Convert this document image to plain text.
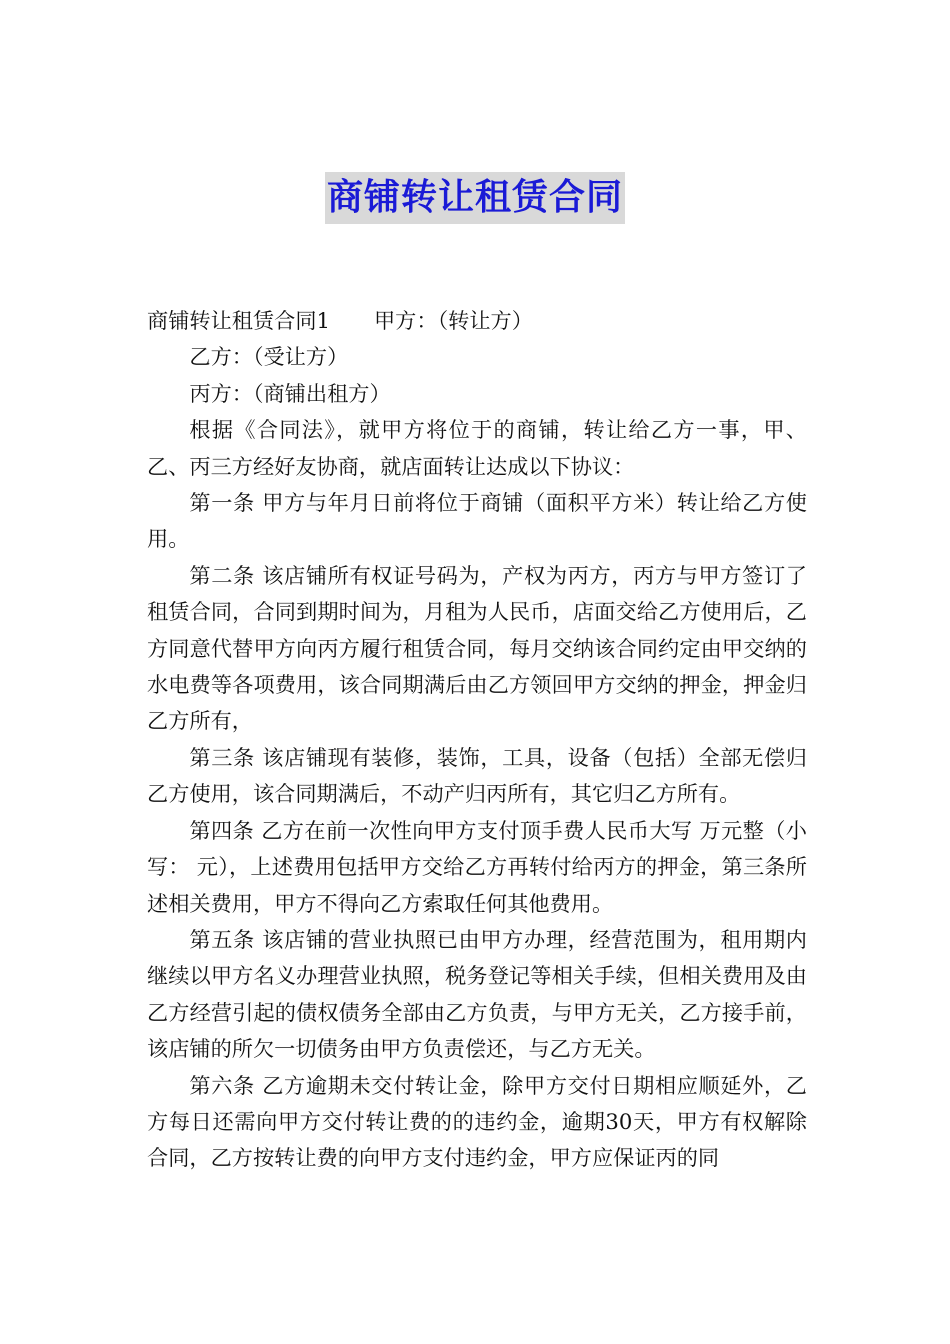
商铺转让租赁合同

商铺转让租赁合同1 甲方：（转让方）

乙方：（受让方）

丙方：（商铺出租方）

根据《合同法》，就甲方将位于的商铺，转让给乙方一事，甲、乙、丙三方经好友协商，就店面转让达成以下协议：

第一条 甲方与年月日前将位于商铺（面积平方米）转让给乙方使用。

第二条 该店铺所有权证号码为，产权为丙方，丙方与甲方签订了租赁合同，合同到期时间为，月租为人民币，店面交给乙方使用后，乙方同意代替甲方向丙方履行租赁合同，每月交纳该合同约定由甲交纳的水电费等各项费用，该合同期满后由乙方领回甲方交纳的押金，押金归乙方所有，

第三条 该店铺现有装修，装饰，工具，设备（包括）全部无偿归乙方使用，该合同期满后，不动产归丙所有，其它归乙方所有。

第四条 乙方在前一次性向甲方支付顶手费人民币大写 万元整（小写： 元），上述费用包括甲方交给乙方再转付给丙方的押金，第三条所述相关费用，甲方不得向乙方索取任何其他费用。

第五条 该店铺的营业执照已由甲方办理，经营范围为，租用期内继续以甲方名义办理营业执照，税务登记等相关手续，但相关费用及由乙方经营引起的债权债务全部由乙方负责，与甲方无关，乙方接手前，该店铺的所欠一切债务由甲方负责偿还，与乙方无关。

第六条 乙方逾期未交付转让金，除甲方交付日期相应顺延外，乙方每日还需向甲方交付转让费的的违约金，逾期30天，甲方有权解除合同，乙方按转让费的向甲方支付违约金，甲方应保证丙的同
